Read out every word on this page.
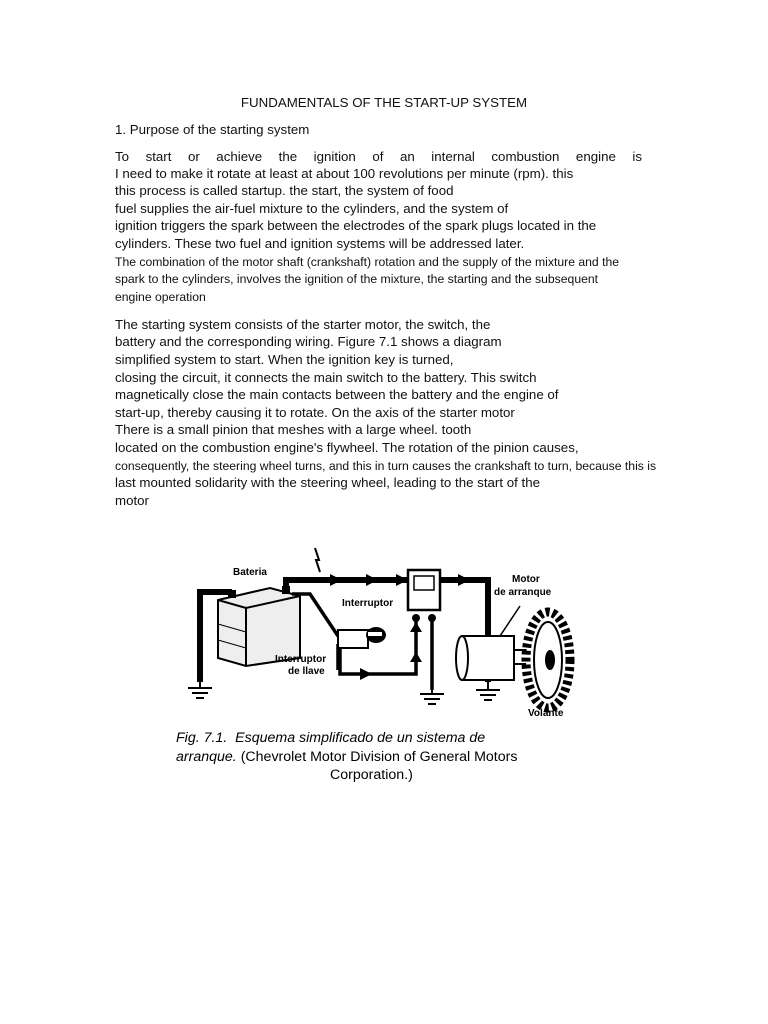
FUNDAMENTALS OF THE START-UP SYSTEM
1. Purpose of the starting system
To start or achieve the ignition of an internal combustion engine is
I need to make it rotate at least at about 100 revolutions per minute (rpm). this
this process is called startup. the start, the system of food
fuel supplies the air-fuel mixture to the cylinders, and the system of
ignition triggers the spark between the electrodes of the spark plugs located in the
cylinders. These two fuel and ignition systems will be addressed later.
The combination of the motor shaft (crankshaft) rotation and the supply of the mixture and the
spark to the cylinders, involves the ignition of the mixture, the starting and the subsequent
engine operation
The starting system consists of the starter motor, the switch, the
battery and the corresponding wiring. Figure 7.1 shows a diagram
simplified system to start. When the ignition key is turned,
closing the circuit, it connects the main switch to the battery. This switch
magnetically close the main contacts between the battery and the engine of
start-up, thereby causing it to rotate. On the axis of the starter motor
There is a small pinion that meshes with a large wheel. tooth
located on the combustion engine's flywheel. The rotation of the pinion causes,
consequently, the steering wheel turns, and this in turn causes the crankshaft to turn, because this is
last mounted solidarity with the steering wheel, leading to the start of the
motor
Bateria
Interruptor
Motor
de arranque
Interruptor
de llave
Volante
Fig. 7.1. Esquema simplificado de un sistema de
arranque. (Chevrolet Motor Division of General Motors
Corporation.)
